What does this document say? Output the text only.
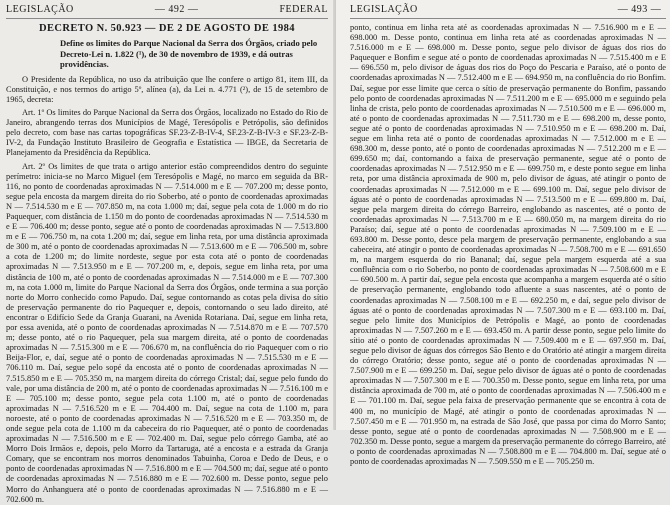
LEGISLAÇÃO	— 492 —	FEDERAL
DECRETO N. 50.923 — DE 2 DE AGOSTO DE 1984

Define os limites do Parque Nacional da Serra dos Órgãos, criado pelo Decreto-Lei n. 1.822 (¹), de 30 de novembro de 1939, e dá outras providências.

O Presidente da República, no uso da atribuição que lhe confere o artigo 81, item III, da Constituição, e nos termos do artigo 5º, alínea (a), da Lei n. 4.771 (²), de 15 de setembro de 1965, decreta:

Art. 1º Os limites do Parque Nacional da Serra dos Órgãos, localizado no Estado do Rio de Janeiro, abrangendo terras dos Municípios de Magé, Teresópolis e Petrópolis, são definidos pelo decreto, com base nas cartas topográficas SF.23-Z-B-IV-4, SF.23-Z-B-IV-3 e SF.23-Z-B-IV-2, da Fundação Instituto Brasileiro de Geografia e Estatística — IBGE, da Secretaria de Planejamento da Presidência da República.

Art. 2º Os limites de que trata o artigo anterior estão compreendidos dentro do seguinte perímetro: inicia-se no Marco Miguel (em Teresópolis e Magé, no marco em seguida da BR-116, no ponto de coordenadas aproximadas N — 7.514.000 m e E — 707.200 m; desse ponto, segue pela encosta da margem direita do rio Soberbo, até o ponto de coordenadas aproximadas N — 7.514.530 m e E — 707.850 m, na cota 1.000 m; daí, segue pela cota de 1.000 m do rio Paquequer, com distância de 1.150 m do ponto de coordenadas aproximadas N — 7.514.530 m e E — 706.400 m; desse ponto, segue até o ponto de coordenadas aproximadas N — 7.513.800 m e E — 706.750 m, na cota 1.200 m; daí, segue em linha reta, por uma distância aproximada de 300 m, até o ponto de coordenadas aproximadas N — 7.513.600 m e E — 706.500 m, sobre a cota de 1.200 m; do limite nordeste, segue por esta cota até o ponto de coordenadas aproximadas N — 7.513.950 m e E — 707.200 m, e, depois, segue em linha reta, por uma distância de 100 m, até o ponto de coordenadas aproximadas N — 7.514.000 m e E — 707.300 m, na cota 1.000 m, limite do Parque Nacional da Serra dos Órgãos, onde termina a sua porção norte do Morro conhecido como Papudo. Daí, segue contornando as cotas pela divisa do sítio de preservação permanente do rio Paquequer e, depois, contornando o seu lado direito, até encontrar o Edifício Sede da Granja Guarani, na Avenida Rotariana. Daí, segue em linha reta, por essa avenida, até o ponto de coordenadas aproximadas N — 7.514.870 m e E — 707.570 m; desse ponto, até o rio Paquequer, pela sua margem direita, até o ponto de coordenadas aproximadas N — 7.515.300 m e E — 706.670 m, na confluência do rio Paquequer com o rio Beija-Flor, e, daí, segue até o ponto de coordenadas aproximadas N — 7.515.530 m e E — 706.110 m. Daí, segue pelo sopé da encosta até o ponto de coordenadas aproximadas N — 7.515.850 m e E — 705.350 m, na margem direita do córrego Cristal; daí, segue pelo fundo do vale, por uma distância de 200 m, até o ponto de coordenadas aproximadas N — 7.516.100 m e E — 705.100 m; desse ponto, segue pela cota 1.100 m, até o ponto de coordenadas aproximadas N — 7.516.520 m e E — 704.400 m. Daí, segue na cota de 1.100 m, para noroeste, até o ponto de coordenadas aproximadas N — 7.516.520 m e E — 703.350 m, de onde segue pela cota de 1.100 m da cabeceira do rio Paquequer, até o ponto de coordenadas aproximadas N — 7.516.500 m e E — 702.400 m. Daí, segue pelo córrego Gamba, até ao Morro Dois Irmãos e, depois, pelo Morro da Tartaruga, até a encosta e a estrada da Granja Comary, que se encontram nos morros denominados Tabuinha, Coroa e Dedo de Deus, e o ponto de coordenadas aproximadas N — 7.516.800 m e E — 704.500 m; daí, segue até o ponto de coordenadas aproximadas N — 7.516.880 m e E — 702.600 m. Desse ponto, segue pelo Morro do Anhanguera até o ponto de coordenadas aproximadas N — 7.516.880 m e E — 702.600 m.

LEGISLAÇÃO	— 493 —

ponto, continua em linha reta até as coordenadas aproximadas N — 7.516.900 m e E — 698.000 m. Desse ponto, continua em linha reta até as coordenadas aproximadas N — 7.516.000 m e E — 698.000 m. Desse ponto, segue pelo divisor de águas dos rios do Paquequer e Bonfim e segue até o ponto de coordenadas aproximadas N — 7.515.400 m e E — 696.550 m, pelo divisor de águas dos rios do Poço do Pescaria e Paraíso, até o ponto de coordenadas aproximadas N — 7.512.400 m e E — 694.950 m, na confluência do rio Bonfim. Daí, segue por esse limite que cerca o sítio de preservação permanente do Bonfim, passando pelo ponto de coordenadas aproximadas N — 7.511.200 m e E — 695.000 m e seguindo pela linha de crista, pelo ponto de coordenadas aproximadas N — 7.510.500 m e E — 696.000 m, até o ponto de coordenadas aproximadas N — 7.511.730 m e E — 698.200 m, desse ponto, segue até o ponto de coordenadas aproximadas N — 7.510.950 m e E — 698.200 m. Daí, segue em linha reta até o ponto de coordenadas aproximadas N — 7.512.000 m e E — 698.300 m, desse ponto, até o ponto de coordenadas aproximadas N — 7.512.200 m e E — 699.650 m; daí, contornando a faixa de preservação permanente, segue até o ponto de coordenadas aproximadas N — 7.512.950 m e E — 699.750 m, e deste ponto segue em linha reta, por uma distância aproximada de 900 m, pelo divisor de águas, até atingir o ponto de coordenadas aproximadas N — 7.512.000 m e E — 699.100 m. Daí, segue pelo divisor de águas até o ponto de coordenadas aproximadas N — 7.513.500 m e E — 699.800 m. Daí, segue pela margem direita do córrego Barreiro, englobando as nascentes, até o ponto de coordenadas aproximadas N — 7.513.700 m e E — 680.050 m, na margem direita do rio Paraíso; daí, segue até o ponto de coordenadas aproximadas N — 7.509.100 m e E — 693.800 m. Desse ponto, desce pela margem de preservação permanente, englobando a sua cabeceira, até atingir o ponto de coordenadas aproximadas N — 7.508.700 m e E — 691.650 m, na margem esquerda do rio Bananal; daí, segue pela margem esquerda até a sua confluência com o rio Soberbo, no ponto de coordenadas aproximadas N — 7.508.600 m e E — 690.500 m. A partir daí, segue pela encosta que acompanha a margem esquerda até o sítio de preservação permanente, englobando todo afluente a suas nascentes, até o ponto de coordenadas aproximadas N — 7.508.100 m e E — 692.250 m, e daí, segue pelo divisor de águas até o ponto de coordenadas aproximadas N — 7.507.300 m e E — 693.100 m. Daí, segue pelo limite dos Municípios de Petrópolis e Magé, ao ponto de coordenadas aproximadas N — 7.507.260 m e E — 693.450 m. A partir desse ponto, segue pelo limite do sítio até o ponto de coordenadas aproximadas N — 7.509.400 m e E — 697.950 m. Daí, segue pelo divisor de águas dos córregos São Bento e do Oratório até atingir a margem direita do córrego Oratório; desse ponto, segue até o ponto de coordenadas aproximadas N — 7.507.900 m e E — 699.250 m. Daí, segue pelo divisor de águas até o ponto de coordenadas aproximadas N — 7.507.300 m e E — 700.350 m. Desse ponto, segue em linha reta, por uma distância aproximada de 700 m, até o ponto de coordenadas aproximadas N — 7.506.400 m e E — 701.100 m. Daí, segue pela faixa de preservação permanente que se encontra à cota de 400 m, no município de Magé, até atingir o ponto de coordenadas aproximadas N — 7.507.450 m e E — 701.950 m, na estrada de São José, que passa por cima do Morro Santo; desse ponto, segue até o ponto de coordenadas aproximadas N — 7.508.900 m e E — 702.350 m. Desse ponto, segue a margem da preservação permanente do córrego Barreiro, até o ponto de coordenadas aproximadas N — 7.508.800 m e E — 704.800 m. Daí, segue até o ponto de coordenadas aproximadas N — 7.509.550 m e E — 705.250 m.
